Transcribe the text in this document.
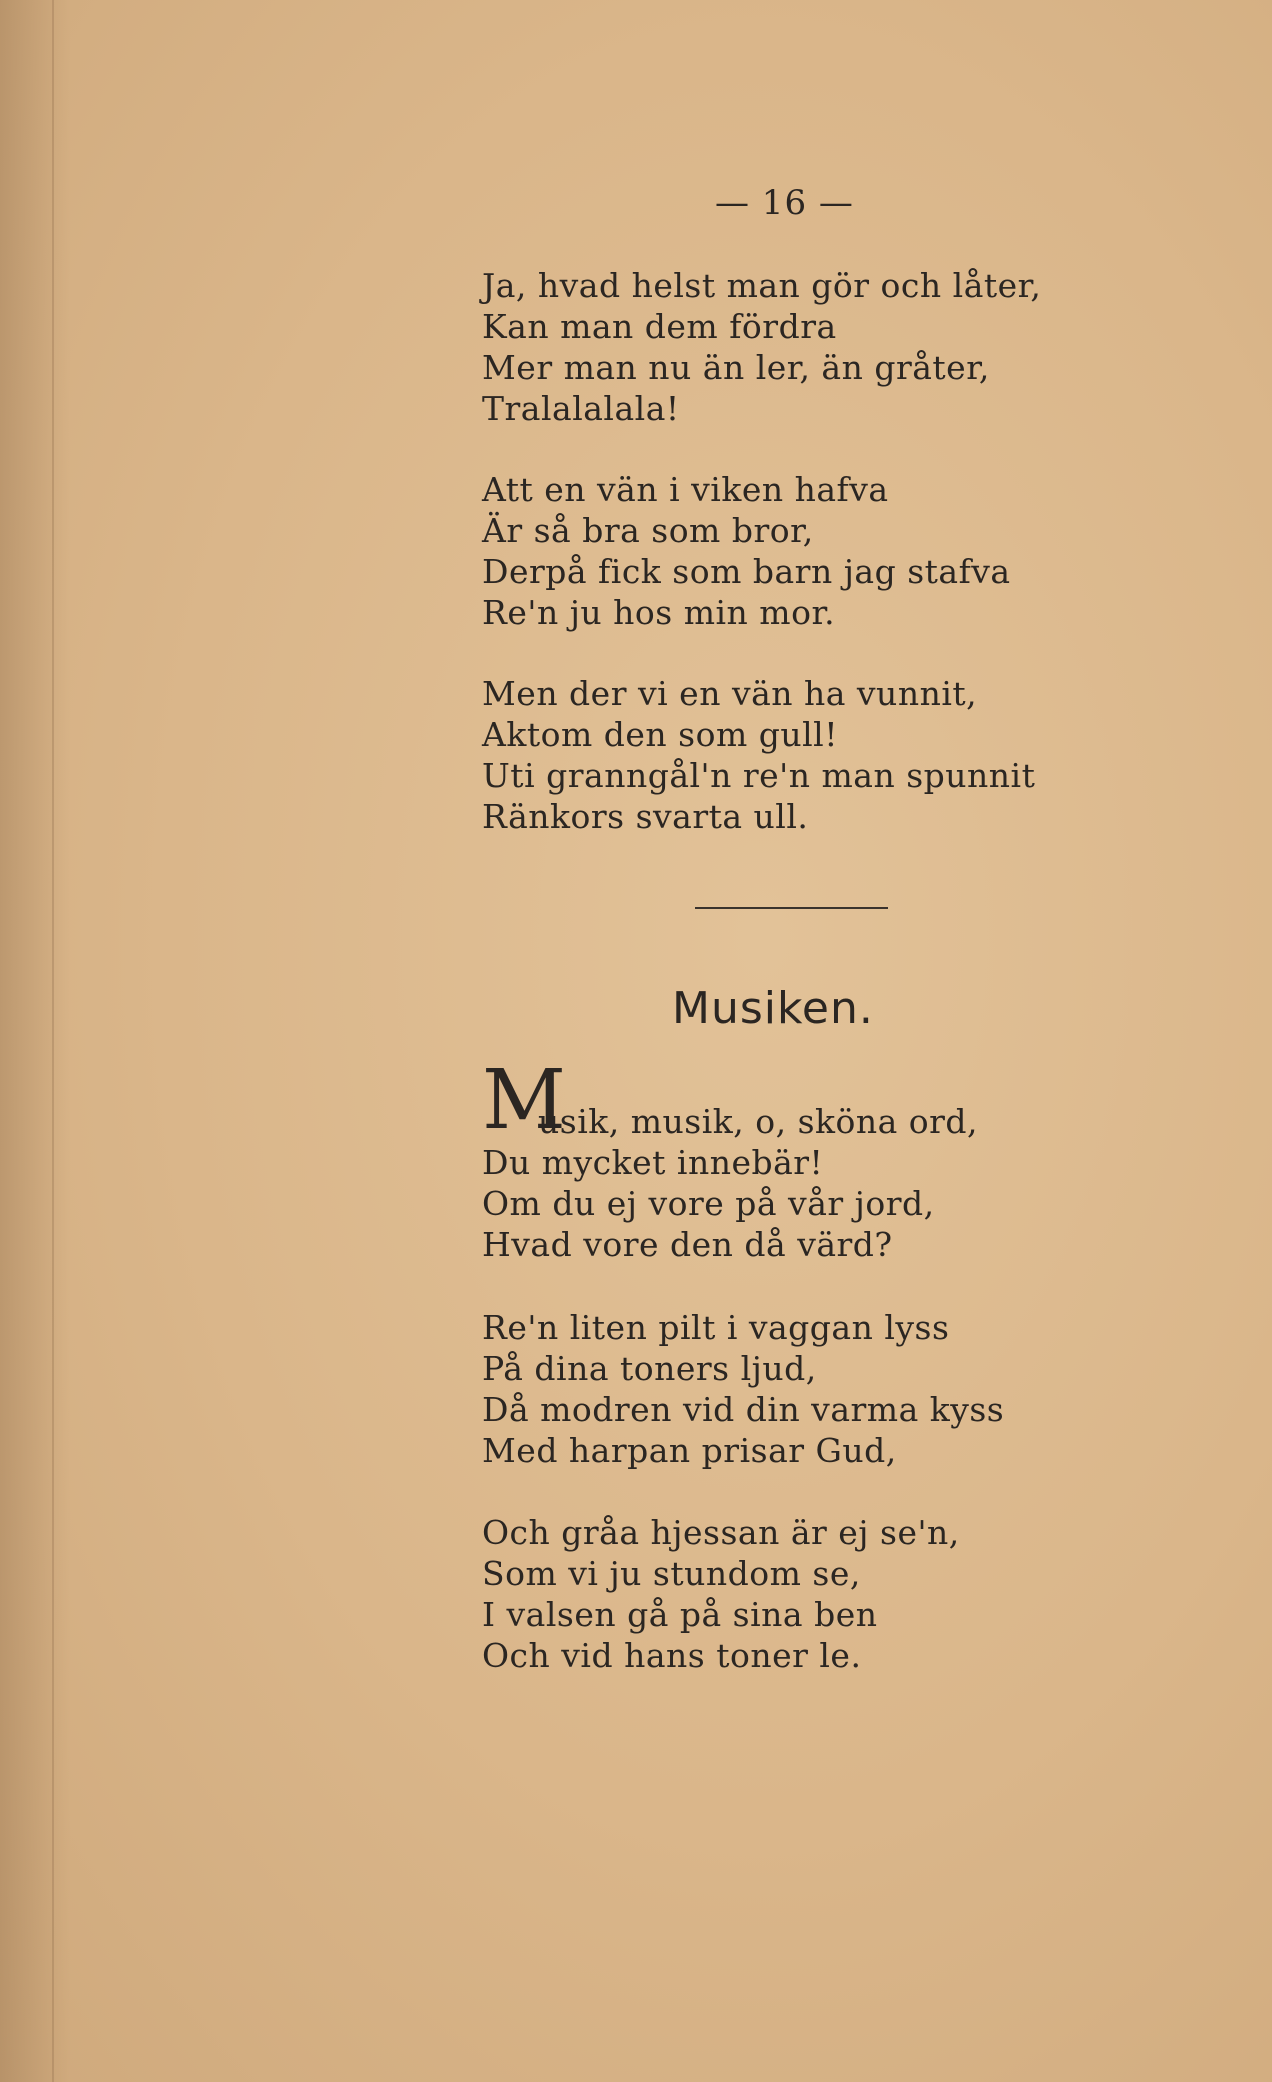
— 16 —
Ja, hvad helst man gör och låter,
Kan man dem fördra
Mer man nu än ler, än gråter,
Tralalalala!
Att en vän i viken hafva
Är så bra som bror,
Derpå fick som barn jag stafva
Re'n ju hos min mor.
Men der vi en vän ha vunnit,
Aktom den som gull!
Uti granngål'n re'n man spunnit
Ränkors svarta ull.
Musiken.
M
usik, musik, o, sköna ord,
Du mycket innebär!
Om du ej vore på vår jord,
Hvad vore den då värd?
Re'n liten pilt i vaggan lyss
På dina toners ljud,
Då modren vid din varma kyss
Med harpan prisar Gud,
Och gråa hjessan är ej se'n,
Som vi ju stundom se,
I valsen gå på sina ben
Och vid hans toner le.
